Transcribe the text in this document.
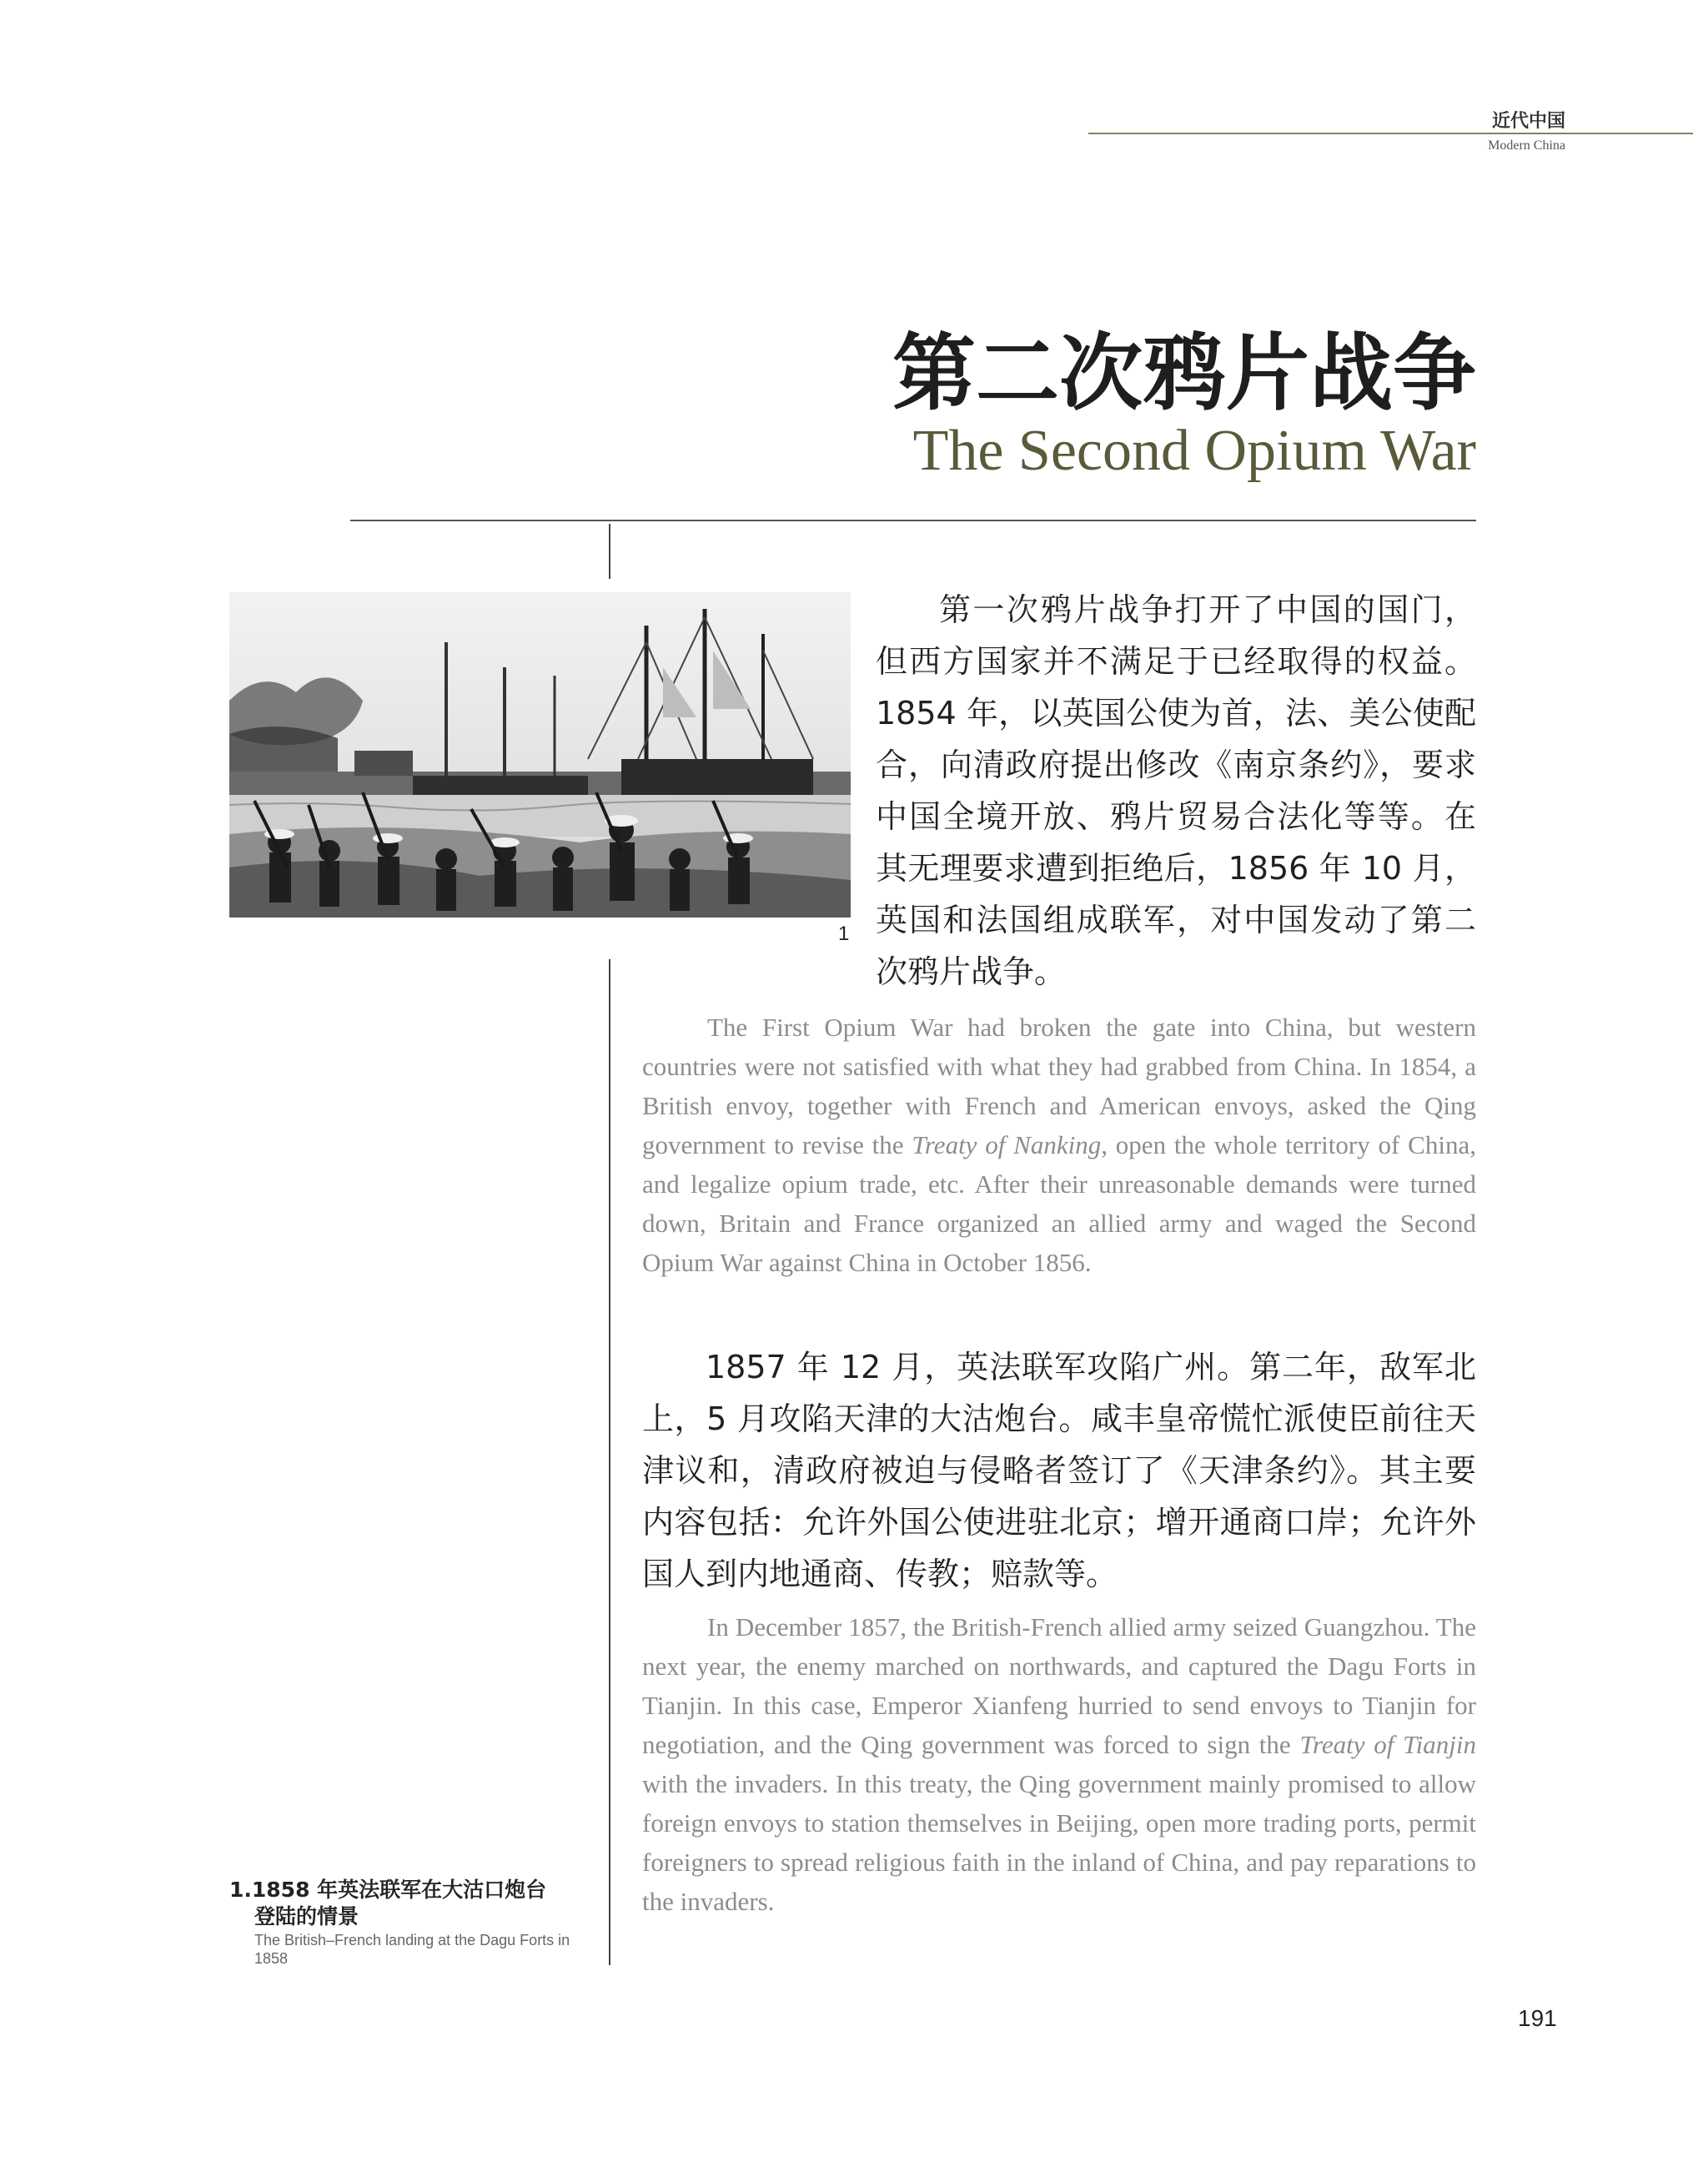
近代中国
Modern China
第二次鸦片战争
The Second Opium War
1

第一次鸦片战争打开了中国的国门，但西方国家并不满足于已经取得的权益。1854 年，以英国公使为首，法、美公使配合，向清政府提出修改《南京条约》，要求中国全境开放、鸦片贸易合法化等等。在其无理要求遭到拒绝后，1856 年 10 月，英国和法国组成联军，对中国发动了第二次鸦片战争。

The First Opium War had broken the gate into China, but western countries were not satisfied with what they had grabbed from China. In 1854, a British envoy, together with French and American envoys, asked the Qing government to revise the Treaty of Nanking, open the whole territory of China, and legalize opium trade, etc. After their unreasonable demands were turned down, Britain and France organized an allied army and waged the Second Opium War against China in October 1856.

1857 年 12 月，英法联军攻陷广州。第二年，敌军北上，5 月攻陷天津的大沽炮台。咸丰皇帝慌忙派使臣前往天津议和，清政府被迫与侵略者签订了《天津条约》。其主要内容包括：允许外国公使进驻北京；增开通商口岸；允许外国人到内地通商、传教；赔款等。

In December 1857, the British-French allied army seized Guangzhou. The next year, the enemy marched on northwards, and captured the Dagu Forts in Tianjin. In this case, Emperor Xianfeng hurried to send envoys to Tianjin for negotiation, and the Qing government was forced to sign the Treaty of Tianjin with the invaders. In this treaty, the Qing government mainly promised to allow foreign envoys to station themselves in Beijing, open more trading ports, permit foreigners to spread religious faith in the inland of China, and pay reparations to the invaders.

1.1858 年英法联军在大沽口炮台
登陆的情景
The British–French landing at the Dagu Forts in 1858
191
